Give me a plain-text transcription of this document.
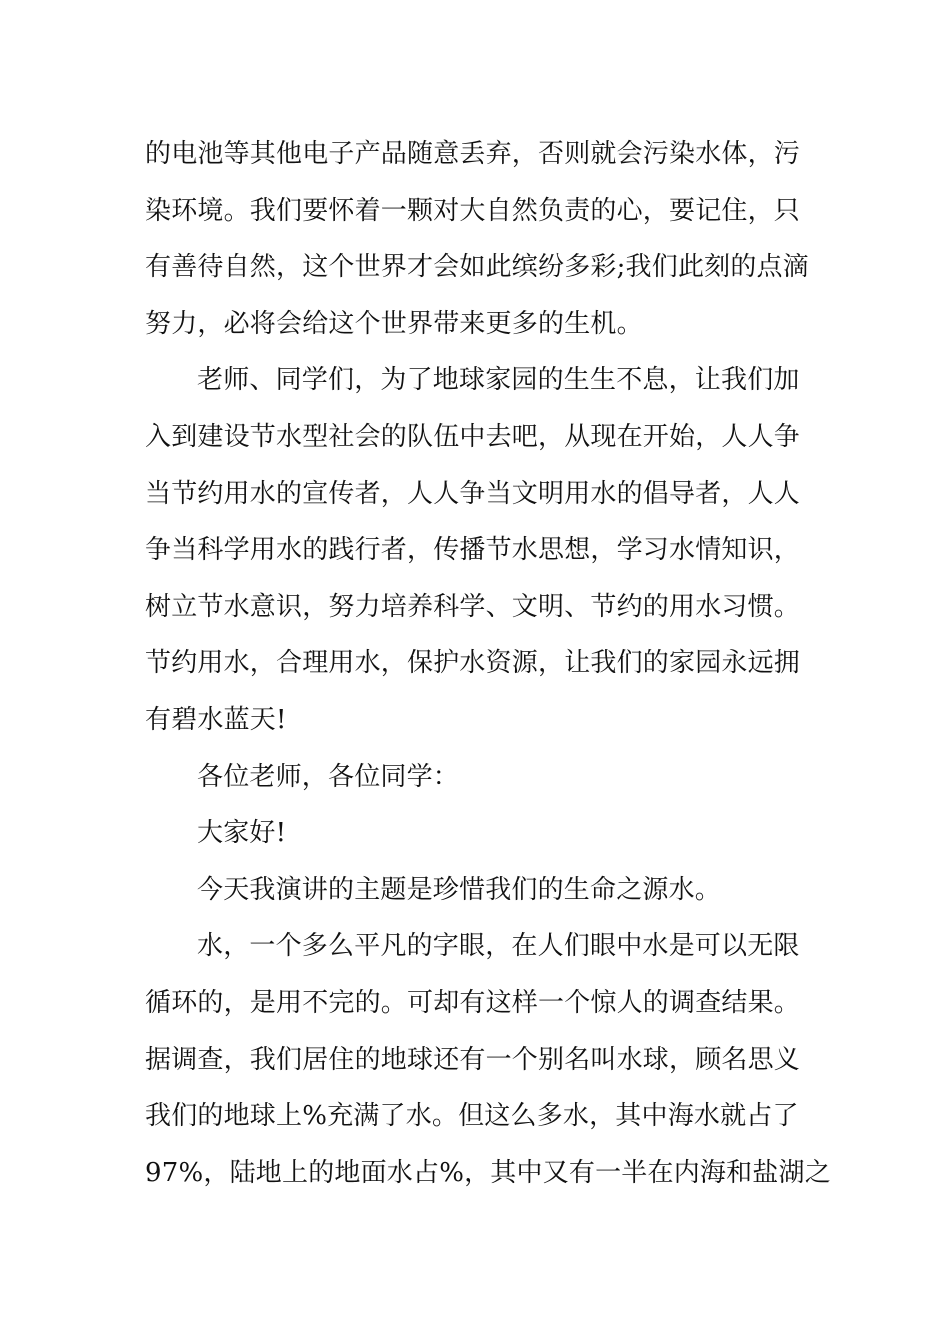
的电池等其他电子产品随意丢弃，否则就会污染水体，污
染环境。我们要怀着一颗对大自然负责的心，要记住，只
有善待自然，这个世界才会如此缤纷多彩;我们此刻的点滴
努力，必将会给这个世界带来更多的生机。
老师、同学们，为了地球家园的生生不息，让我们加
入到建设节水型社会的队伍中去吧，从现在开始，人人争
当节约用水的宣传者，人人争当文明用水的倡导者，人人
争当科学用水的践行者，传播节水思想，学习水情知识，
树立节水意识，努力培养科学、文明、节约的用水习惯。
节约用水，合理用水，保护水资源，让我们的家园永远拥
有碧水蓝天!
各位老师，各位同学：
大家好!
今天我演讲的主题是珍惜我们的生命之源水。
水，一个多么平凡的字眼，在人们眼中水是可以无限
循环的，是用不完的。可却有这样一个惊人的调查结果。
据调查，我们居住的地球还有一个别名叫水球，顾名思义
我们的地球上%充满了水。但这么多水，其中海水就占了
97%，陆地上的地面水占%，其中又有一半在内海和盐湖之
